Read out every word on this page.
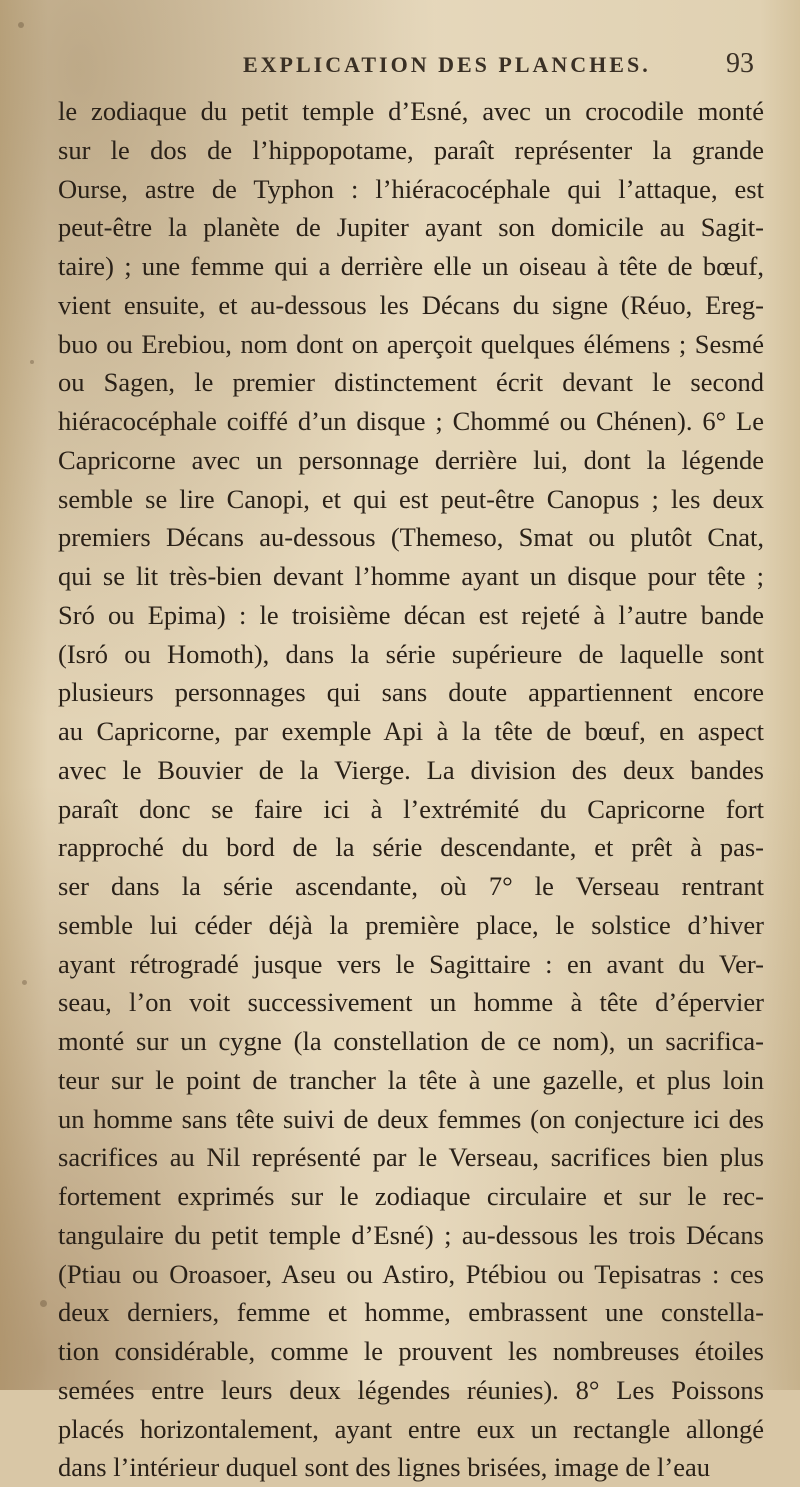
EXPLICATION DES PLANCHES.	93
le zodiaque du petit temple d’Esné, avec un crocodile monté
sur le dos de l’hippopotame, paraît représenter la grande
Ourse, astre de Typhon : l’hiéracocéphale qui l’attaque, est
peut-être la planète de Jupiter ayant son domicile au Sagit-
taire) ; une femme qui a derrière elle un oiseau à tête de bœuf,
vient ensuite, et au-dessous les Décans du signe (Réuo, Ereg-
buo ou Erebiou, nom dont on aperçoit quelques élémens ; Sesmé
ou Sagen, le premier distinctement écrit devant le second
hiéracocéphale coiffé d’un disque ; Chommé ou Chénen). 6° Le
Capricorne avec un personnage derrière lui, dont la légende
semble se lire Canopi, et qui est peut-être Canopus ; les deux
premiers Décans au-dessous (Themeso, Smat ou plutôt Cnat,
qui se lit très-bien devant l’homme ayant un disque pour tête ;
Sró ou Epima) : le troisième décan est rejeté à l’autre bande
(Isró ou Homoth), dans la série supérieure de laquelle sont
plusieurs personnages qui sans doute appartiennent encore
au Capricorne, par exemple Api à la tête de bœuf, en aspect
avec le Bouvier de la Vierge. La division des deux bandes
paraît donc se faire ici à l’extrémité du Capricorne fort
rapproché du bord de la série descendante, et prêt à pas-
ser dans la série ascendante, où 7° le Verseau rentrant
semble lui céder déjà la première place, le solstice d’hiver
ayant rétrogradé jusque vers le Sagittaire : en avant du Ver-
seau, l’on voit successivement un homme à tête d’épervier
monté sur un cygne (la constellation de ce nom), un sacrifica-
teur sur le point de trancher la tête à une gazelle, et plus loin
un homme sans tête suivi de deux femmes (on conjecture ici des
sacrifices au Nil représenté par le Verseau, sacrifices bien plus
fortement exprimés sur le zodiaque circulaire et sur le rec-
tangulaire du petit temple d’Esné) ; au-dessous les trois Décans
(Ptiau ou Oroasoer, Aseu ou Astiro, Ptébiou ou Tepisatras : ces
deux derniers, femme et homme, embrassent une constella-
tion considérable, comme le prouvent les nombreuses étoiles
semées entre leurs deux légendes réunies). 8° Les Poissons
placés horizontalement, ayant entre eux un rectangle allongé
dans l’intérieur duquel sont des lignes brisées, image de l’eau
